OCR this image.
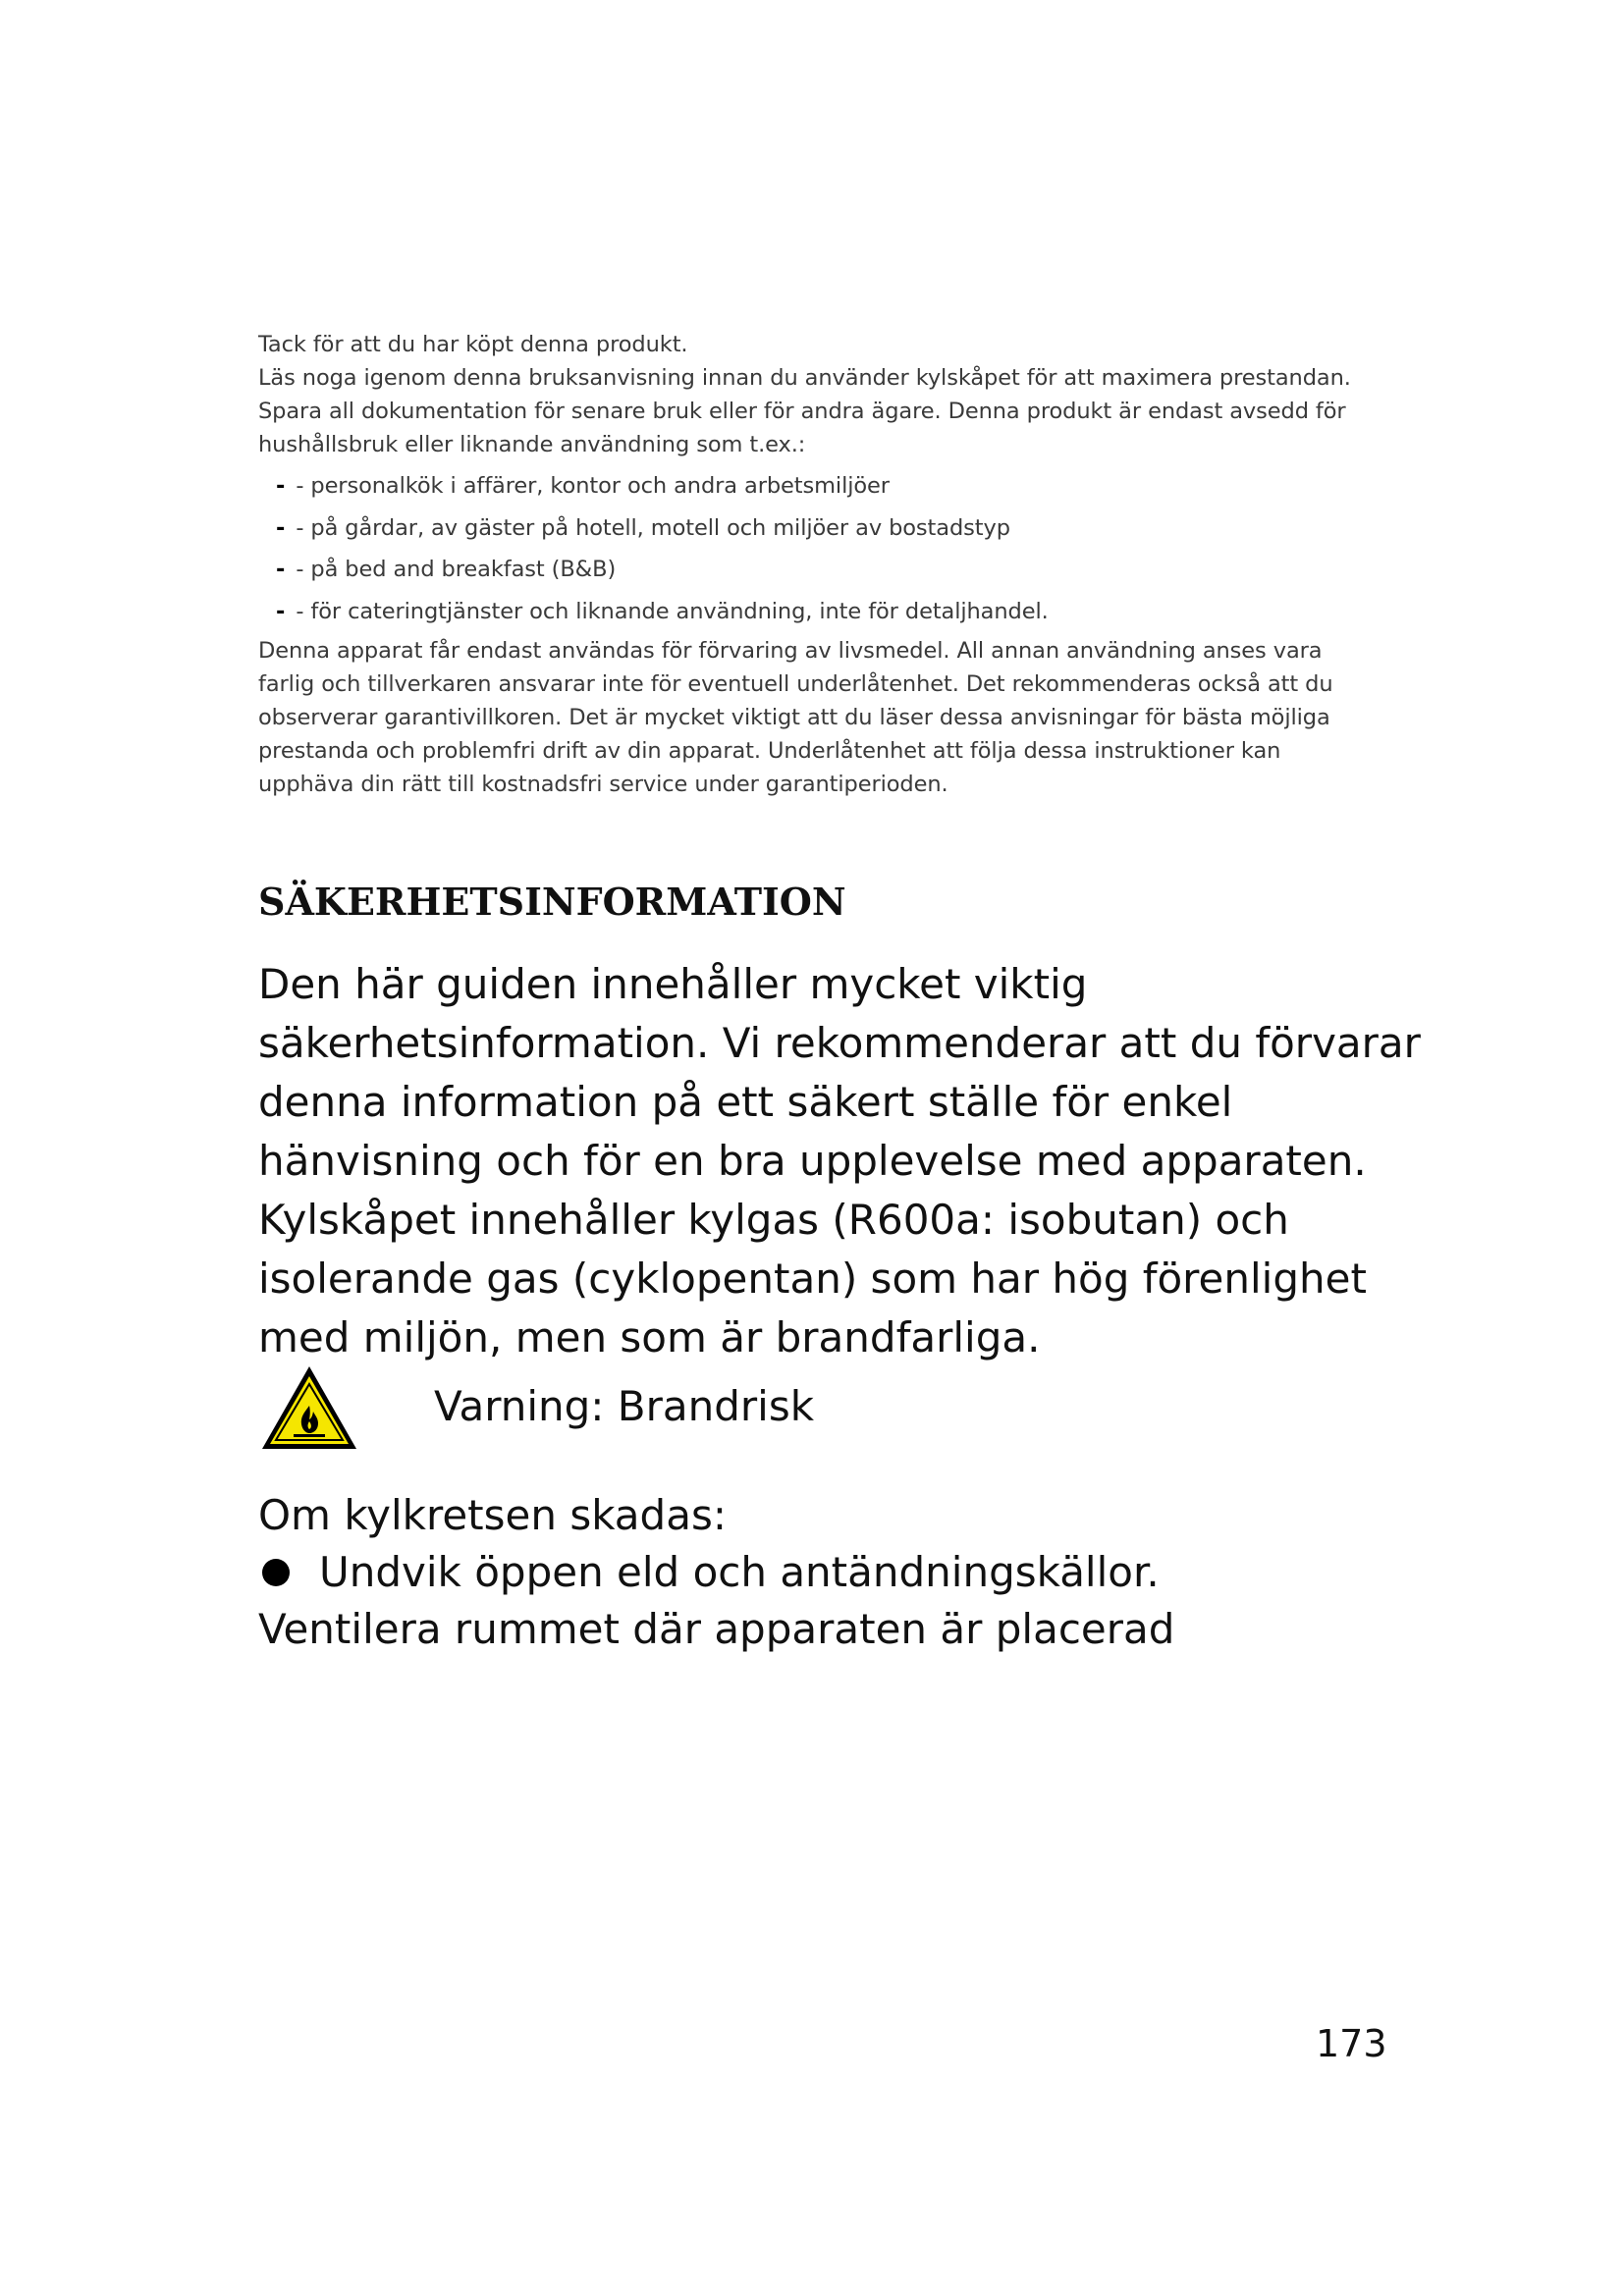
Tack för att du har köpt denna produkt.
Läs noga igenom denna bruksanvisning innan du använder kylskåpet för att maximera prestandan.
Spara all dokumentation för senare bruk eller för andra ägare. Denna produkt är endast avsedd för
hushållsbruk eller liknande användning som t.ex.:
- - personalkök i affärer, kontor och andra arbetsmiljöer
- - på gårdar, av gäster på hotell, motell och miljöer av bostadstyp
- - på bed and breakfast (B&B)
- - för cateringtjänster och liknande användning, inte för detaljhandel.
Denna apparat får endast användas för förvaring av livsmedel. All annan användning anses vara
farlig och tillverkaren ansvarar inte för eventuell underlåtenhet. Det rekommenderas också att du
observerar garantivillkoren. Det är mycket viktigt att du läser dessa anvisningar för bästa möjliga
prestanda och problemfri drift av din apparat. Underlåtenhet att följa dessa instruktioner kan
upphäva din rätt till kostnadsfri service under garantiperioden.
SÄKERHETSINFORMATION
Den här guiden innehåller mycket viktig
säkerhetsinformation. Vi rekommenderar att du förvarar
denna information på ett säkert ställe för enkel
hänvisning och för en bra upplevelse med apparaten.
Kylskåpet innehåller kylgas (R600a: isobutan) och
isolerande gas (cyklopentan) som har hög förenlighet
med miljön, men som är brandfarliga.
Varning: Brandrisk
Om kylkretsen skadas:
Undvik öppen eld och antändningskällor.
Ventilera rummet där apparaten är placerad
173
